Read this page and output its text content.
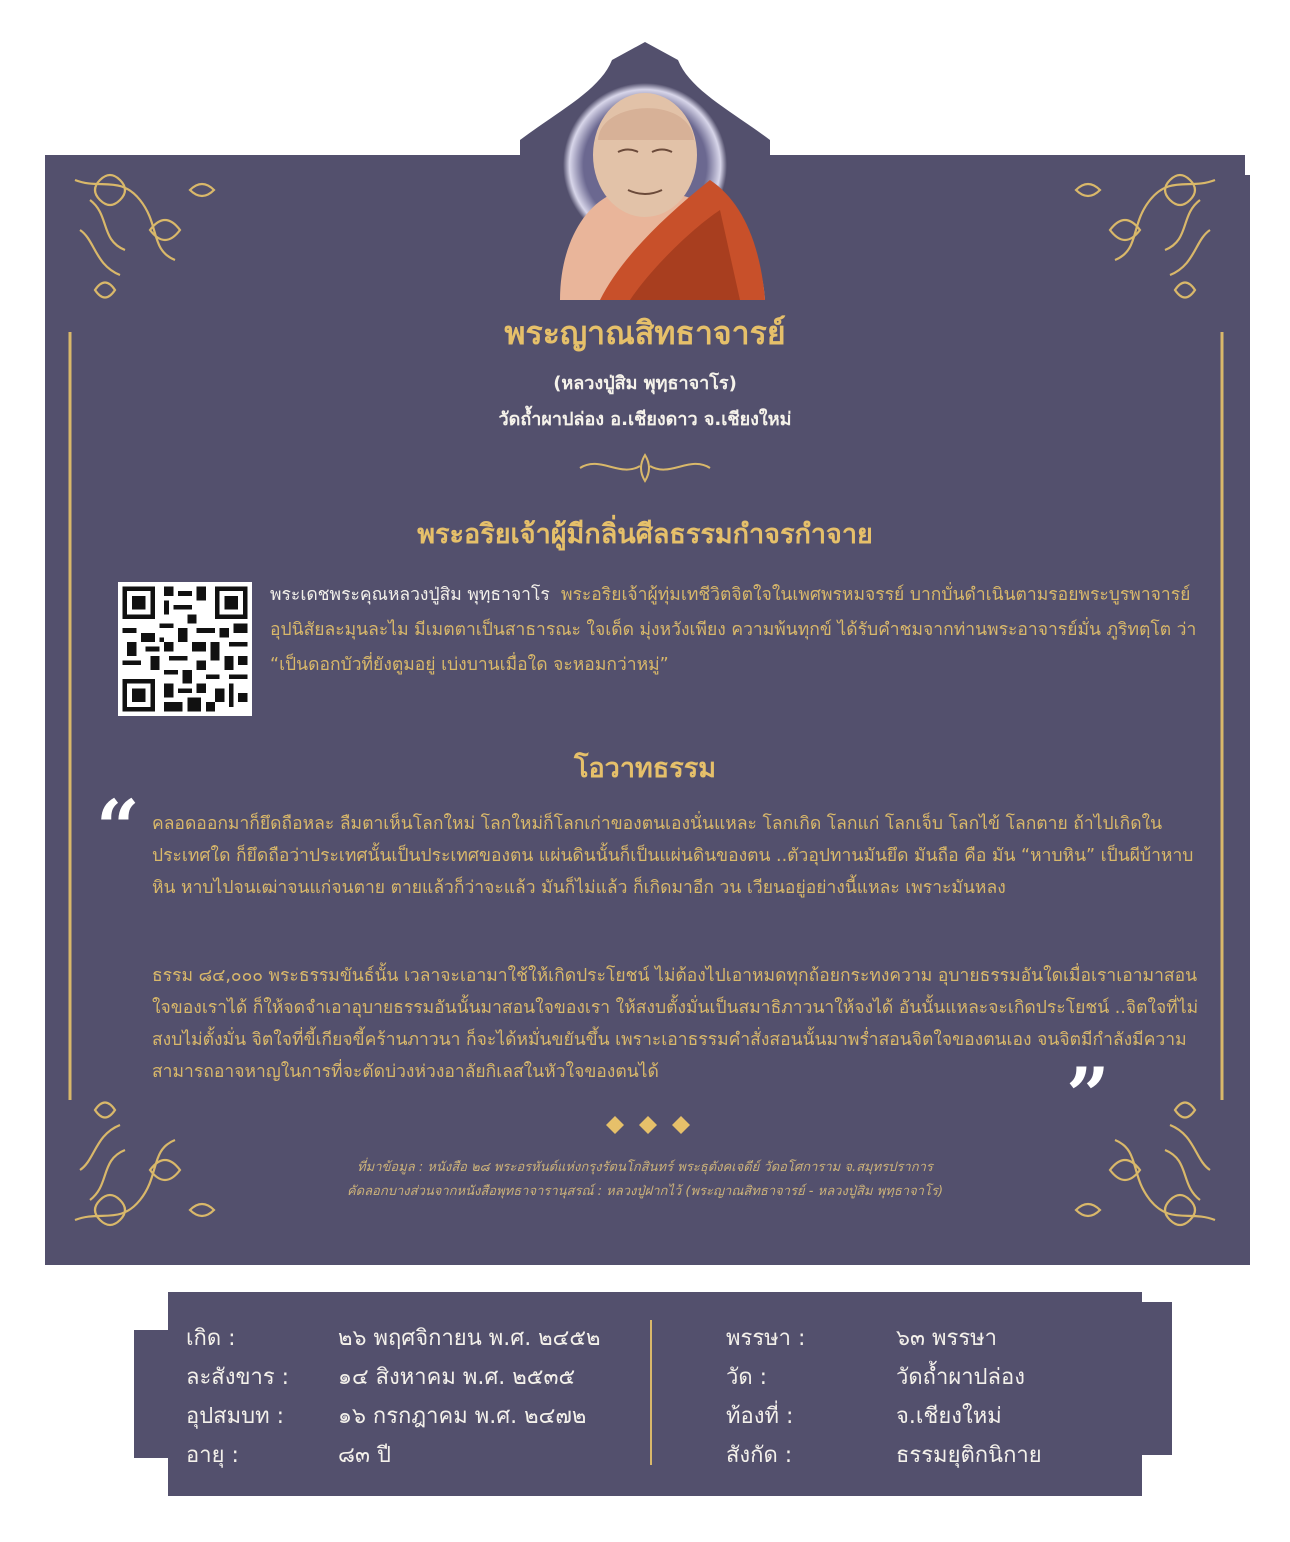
พระญาณสิทธาจารย์
(หลวงปู่สิม พุทฺธาจาโร)
วัดถ้ำผาปล่อง อ.เชียงดาว จ.เชียงใหม่
พระอริยเจ้าผู้มีกลิ่นศีลธรรมกำจรกำจาย
พระเดชพระคุณหลวงปู่สิม พุทฺธาจาโร พระอริยเจ้าผู้ทุ่มเทชีวิตจิตใจในเพศพรหมจรรย์ บากบั่นดำเนินตามรอยพระบูรพาจารย์ อุปนิสัยละมุนละไม มีเมตตาเป็นสาธารณะ ใจเด็ด มุ่งหวังเพียง ความพ้นทุกข์ ได้รับคำชมจากท่านพระอาจารย์มั่น ภูริทตฺโต ว่า “เป็นดอกบัวที่ยังตูมอยู่ เบ่งบานเมื่อใด จะหอมกว่าหมู่”
โอวาทธรรม
“ คลอดออกมาก็ยึดถือหละ ลืมตาเห็นโลกใหม่ โลกใหม่ก็โลกเก่าของตนเองนั่นแหละ โลกเกิด โลกแก่ โลกเจ็บ โลกไข้ โลกตาย ถ้าไปเกิดในประเทศใด ก็ยึดถือว่าประเทศนั้นเป็นประเทศของตน แผ่นดินนั้นก็เป็นแผ่นดินของตน ..ตัวอุปทานมันยึด มันถือ คือ มัน “หาบหิน” เป็นผีบ้าหาบหิน หาบไปจนเฒ่าจนแก่จนตาย ตายแล้วก็ว่าจะแล้ว มันก็ไม่แล้ว ก็เกิดมาอีก วน เวียนอยู่อย่างนี้แหละ เพราะมันหลง
ธรรม ๘๔,๐๐๐ พระธรรมขันธ์นั้น เวลาจะเอามาใช้ให้เกิดประโยชน์ ไม่ต้องไปเอาหมดทุกถ้อยกระทงความ อุบายธรรมอันใดเมื่อเราเอามาสอนใจของเราได้ ก็ให้จดจำเอาอุบายธรรมอันนั้นมาสอนใจของเรา ให้สงบตั้งมั่นเป็นสมาธิภาวนาให้จงได้ อันนั้นแหละจะเกิดประโยชน์ ..จิตใจที่ไม่สงบไม่ตั้งมั่น จิตใจที่ขี้เกียจขี้คร้านภาวนา ก็จะได้หมั่นขยันขึ้น เพราะเอาธรรมคำสั่งสอนนั้นมาพร่ำสอนจิตใจของตนเอง จนจิตมีกำลังมีความสามารถอาจหาญในการที่จะตัดบ่วงห่วงอาลัยกิเลสในหัวใจของตนได้	”
ที่มาข้อมูล : หนังสือ ๒๘ พระอรหันต์แห่งกรุงรัตนโกสินทร์ พระธุตังคเจดีย์ วัดอโศการาม จ.สมุทรปราการ
คัดลอกบางส่วนจากหนังสือพุทธาจารานุสรณ์ : หลวงปู่ฝากไว้ (พระญาณสิทธาจารย์ - หลวงปู่สิม พุทฺธาจาโร)
เกิด :	๒๖ พฤศจิกายน พ.ศ. ๒๔๕๒
ละสังขาร : ๑๔ สิงหาคม พ.ศ. ๒๕๓๕
อุปสมบท : ๑๖ กรกฎาคม พ.ศ. ๒๔๗๒
อายุ :	๘๓ ปี
พรรษา :	๖๓ พรรษา
วัด :	วัดถ้ำผาปล่อง
ท้องที่ :	จ.เชียงใหม่
สังกัด :	ธรรมยุติกนิกาย
